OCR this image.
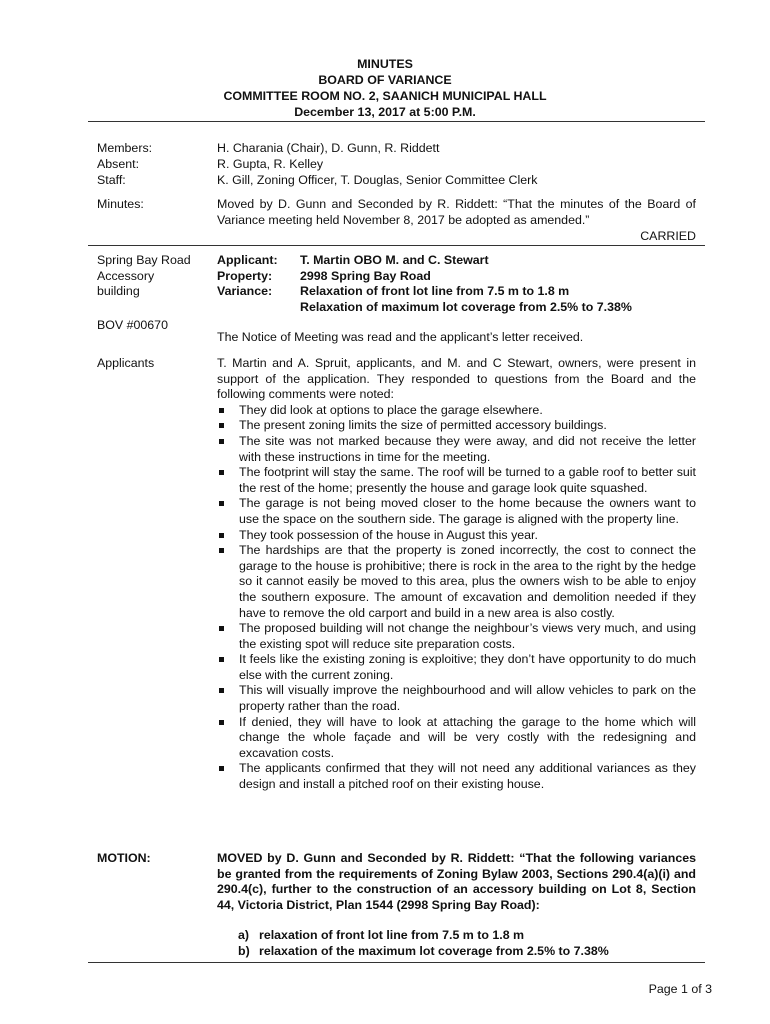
MINUTES
BOARD OF VARIANCE
COMMITTEE ROOM NO. 2, SAANICH MUNICIPAL HALL
December 13, 2017 at 5:00 P.M.
Members:	H. Charania (Chair), D. Gunn, R. Riddett
Absent:	R. Gupta, R. Kelley
Staff:	K. Gill, Zoning Officer, T. Douglas, Senior Committee Clerk
Minutes:	Moved by D. Gunn and Seconded by R. Riddett: “That the minutes of the Board of Variance meeting held November 8, 2017 be adopted as amended.”
CARRIED
Spring Bay Road
Accessory
building
BOV #00670
Applicant:	T. Martin OBO M. and C. Stewart
Property:	2998 Spring Bay Road
Variance:	Relaxation of front lot line from 7.5 m to 1.8 m
Relaxation of maximum lot coverage from 2.5% to 7.38%
The Notice of Meeting was read and the applicant’s letter received.
Applicants	T. Martin and A. Spruit, applicants, and M. and C Stewart, owners, were present in support of the application. They responded to questions from the Board and the following comments were noted:
They did look at options to place the garage elsewhere.
The present zoning limits the size of permitted accessory buildings.
The site was not marked because they were away, and did not receive the letter with these instructions in time for the meeting.
The footprint will stay the same. The roof will be turned to a gable roof to better suit the rest of the home; presently the house and garage look quite squashed.
The garage is not being moved closer to the home because the owners want to use the space on the southern side. The garage is aligned with the property line.
They took possession of the house in August this year.
The hardships are that the property is zoned incorrectly, the cost to connect the garage to the house is prohibitive; there is rock in the area to the right by the hedge so it cannot easily be moved to this area, plus the owners wish to be able to enjoy the southern exposure. The amount of excavation and demolition needed if they have to remove the old carport and build in a new area is also costly.
The proposed building will not change the neighbour’s views very much, and using the existing spot will reduce site preparation costs.
It feels like the existing zoning is exploitive; they don’t have opportunity to do much else with the current zoning.
This will visually improve the neighbourhood and will allow vehicles to park on the property rather than the road.
If denied, they will have to look at attaching the garage to the home which will change the whole façade and will be very costly with the redesigning and excavation costs.
The applicants confirmed that they will not need any additional variances as they design and install a pitched roof on their existing house.
MOTION:	MOVED by D. Gunn and Seconded by R. Riddett: “That the following variances be granted from the requirements of Zoning Bylaw 2003, Sections 290.4(a)(i) and 290.4(c), further to the construction of an accessory building on Lot 8, Section 44, Victoria District, Plan 1544 (2998 Spring Bay Road):
a) relaxation of front lot line from 7.5 m to 1.8 m
b) relaxation of the maximum lot coverage from 2.5% to 7.38%
Page 1 of 3
